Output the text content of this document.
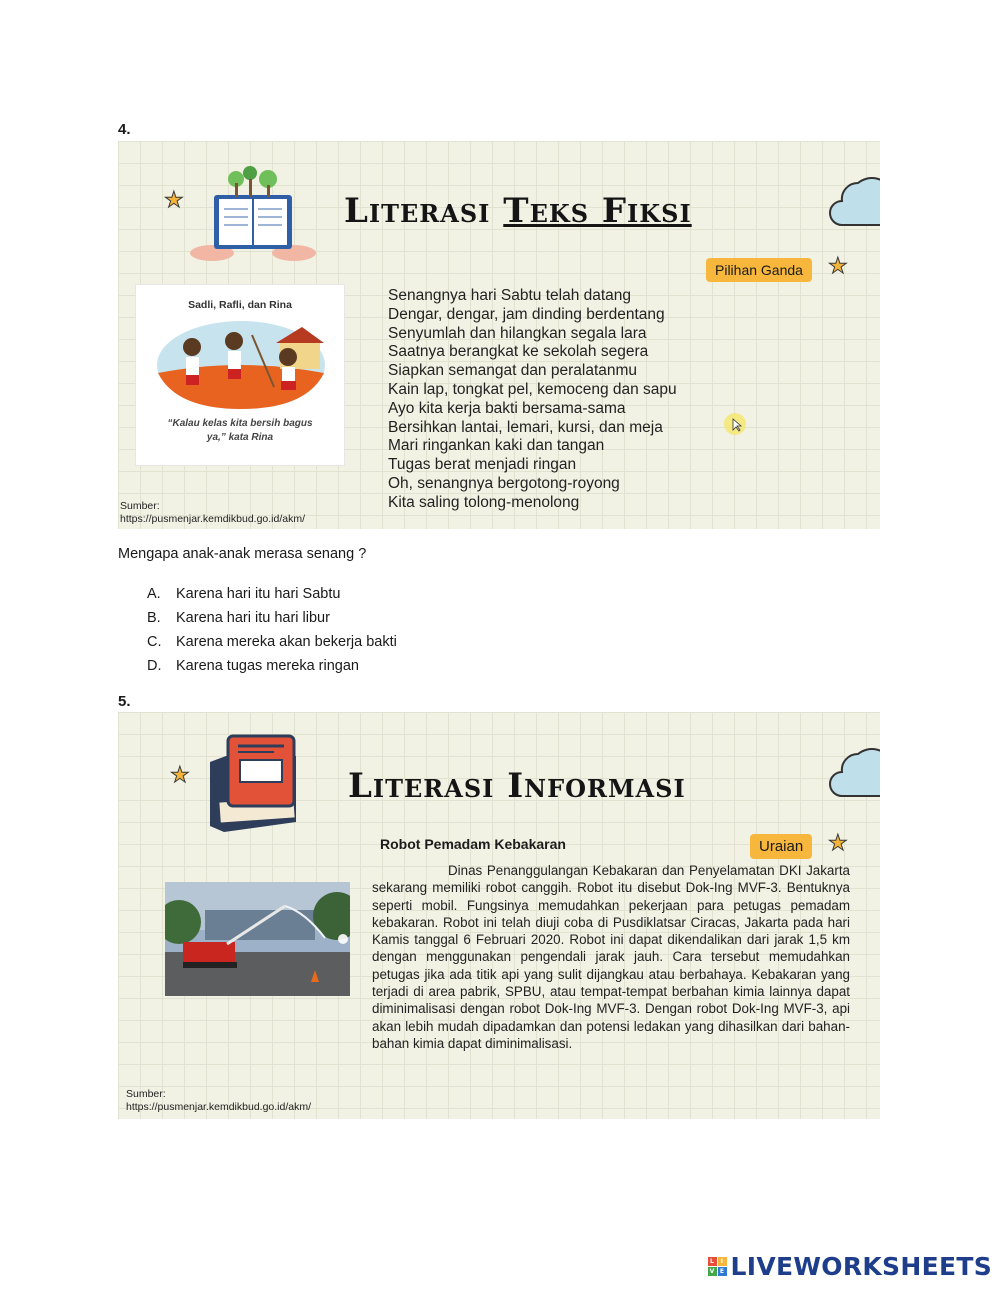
4.
★	Literasi Teks Fiksi
Pilihan Ganda	★
Sadli, Rafli, dan Rina
“Kalau kelas kita bersih bagus
ya,” kata Rina
Senangnya hari Sabtu telah datang
Dengar, dengar, jam dinding berdentang
Senyumlah dan hilangkan segala lara
Saatnya berangkat ke sekolah segera
Siapkan semangat dan peralatanmu
Kain lap, tongkat pel, kemoceng dan sapu
Ayo kita kerja bakti bersama-sama
Bersihkan lantai, lemari, kursi, dan meja
Mari ringankan kaki dan tangan
Tugas berat menjadi ringan
Oh, senangnya bergotong-royong
Kita saling tolong-menolong
Sumber:
https://pusmenjar.kemdikbud.go.id/akm/
Mengapa anak-anak merasa senang ?
A.	Karena hari itu hari Sabtu
B.	Karena hari itu hari libur
C.	Karena mereka akan bekerja bakti
D.	Karena tugas mereka ringan
5.
★	Literasi Informasi
Robot Pemadam Kebakaran	Uraian	★
Dinas Penanggulangan Kebakaran dan Penyelamatan DKI Jakarta sekarang memiliki robot canggih. Robot itu disebut Dok-Ing MVF-3. Bentuknya seperti mobil. Fungsinya memudahkan pekerjaan para petugas pemadam kebakaran. Robot ini telah diuji coba di Pusdiklatsar Ciracas, Jakarta pada hari Kamis tanggal 6 Februari 2020. Robot ini dapat dikendalikan dari jarak 1,5 km dengan menggunakan pengendali jarak jauh. Cara tersebut memudahkan petugas jika ada titik api yang sulit dijangkau atau berbahaya. Kebakaran yang terjadi di area pabrik, SPBU, atau tempat-tempat berbahan kimia lainnya dapat diminimalisasi dengan robot Dok-Ing MVF-3. Dengan robot Dok-Ing MVF-3, api akan lebih mudah dipadamkan dan potensi ledakan yang dihasilkan dari bahan-bahan kimia dapat diminimalisasi.
Sumber:
https://pusmenjar.kemdikbud.go.id/akm/
L	I
V E LIVEWORKSHEETS
